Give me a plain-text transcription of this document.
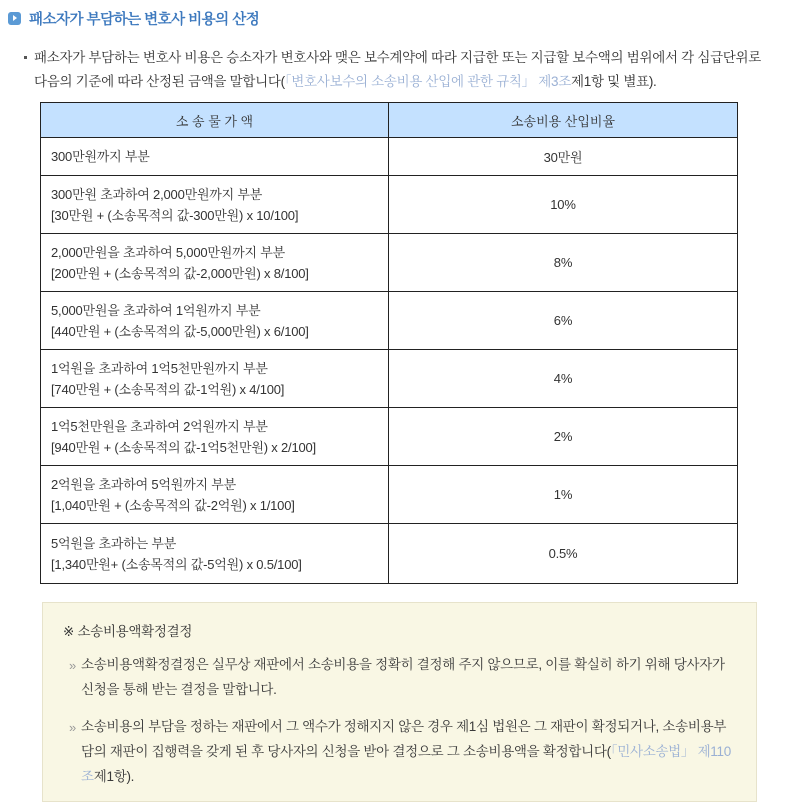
패소자가 부담하는 변호사 비용의 산정
패소자가 부담하는 변호사 비용은 승소자가 변호사와 맺은 보수계약에 따라 지급한 또는 지급할 보수액의 범위에서 각 심급단위로 다음의 기준에 따라 산정된 금액을 말합니다(「변호사보수의 소송비용 산입에 관한 규칙」 제3조제1항 및 별표).
소 송 물 가 액	소송비용 산입비율

300만원까지 부분	30만원

300만원 초과하여 2,000만원까지 부분
[30만원 + (소송목적의 값-300만원) x 10/100]	10%

2,000만원을 초과하여 5,000만원까지 부분
[200만원 + (소송목적의 값-2,000만원) x 8/100]	8%

5,000만원을 초과하여 1억원까지 부분
[440만원 + (소송목적의 값-5,000만원) x 6/100]	6%

1억원을 초과하여 1억5천만원까지 부분
[740만원 + (소송목적의 값-1억원) x 4/100]	4%

1억5천만원을 초과하여 2억원까지 부분
[940만원 + (소송목적의 값-1억5천만원) x 2/100]	2%

2억원을 초과하여 5억원까지 부분
[1,040만원 + (소송목적의 값-2억원) x 1/100]	1%

5억원을 초과하는 부분
[1,340만원+ (소송목적의 값-5억원) x 0.5/100]	0.5%
※ 소송비용액확정결정
» 소송비용액확정결정은 실무상 재판에서 소송비용을 정확히 결정해 주지 않으므로, 이를 확실히 하기 위해 당사자가 신청을 통해 받는 결정을 말합니다.
» 소송비용의 부담을 정하는 재판에서 그 액수가 정해지지 않은 경우 제1심 법원은 그 재판이 확정되거나, 소송비용부담의 재판이 집행력을 갖게 된 후 당사자의 신청을 받아 결정으로 그 소송비용액을 확정합니다(「민사소송법」 제110조제1항).
